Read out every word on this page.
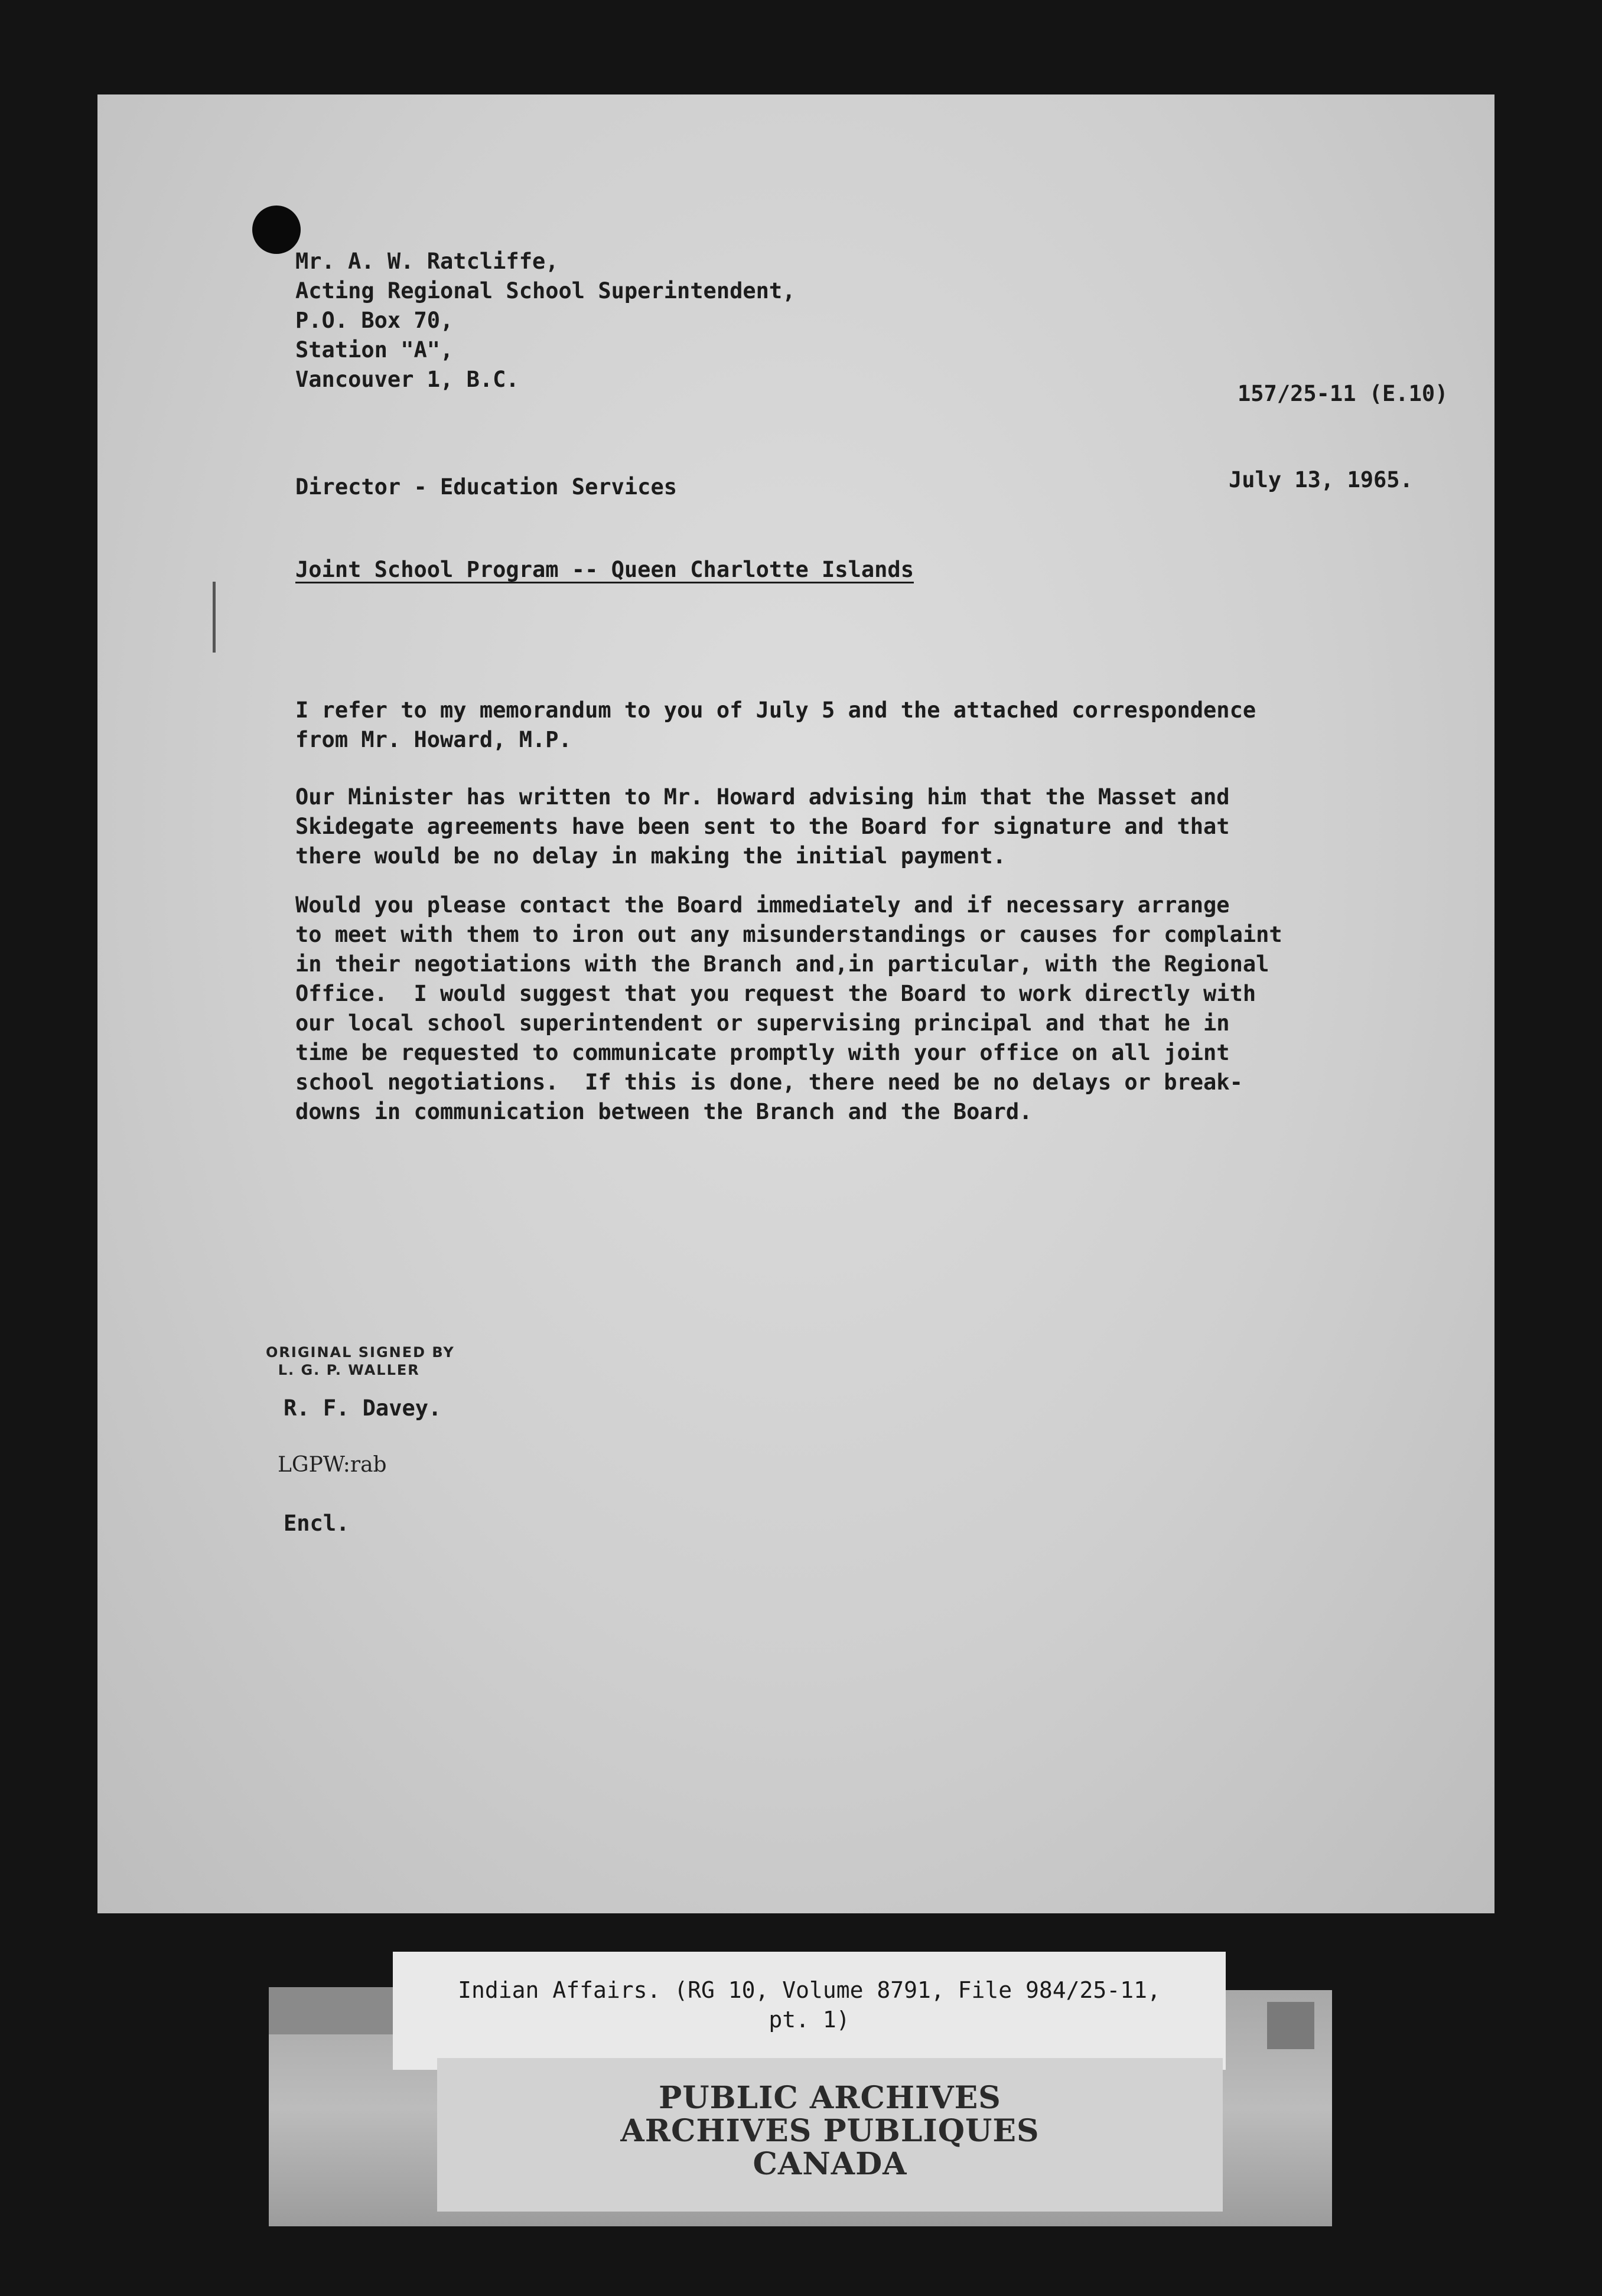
Mr. A. W. Ratcliffe,
Acting Regional School Superintendent,
P.O. Box 70,
Station "A",
Vancouver 1, B.C.
157/25-11 (E.10)
Director - Education Services	July 13, 1965.
Joint School Program -- Queen Charlotte Islands
I refer to my memorandum to you of July 5 and the attached correspondence
from Mr. Howard, M.P.
Our Minister has written to Mr. Howard advising him that the Masset and
Skidegate agreements have been sent to the Board for signature and that
there would be no delay in making the initial payment.
Would you please contact the Board immediately and if necessary arrange
to meet with them to iron out any misunderstandings or causes for complaint
in their negotiations with the Branch and,in particular, with the Regional
Office.  I would suggest that you request the Board to work directly with
our local school superintendent or supervising principal and that he in
time be requested to communicate promptly with your office on all joint
school negotiations.  If this is done, there need be no delays or break-
downs in communication between the Branch and the Board.
ORIGINAL SIGNED BY
L. G. P. WALLER
R. F. Davey.
LGPW:rab
Encl.
Indian Affairs. (RG 10, Volume 8791, File 984/25-11,
pt. 1)

PUBLIC ARCHIVES

ARCHIVES PUBLIQUES

CANADA
